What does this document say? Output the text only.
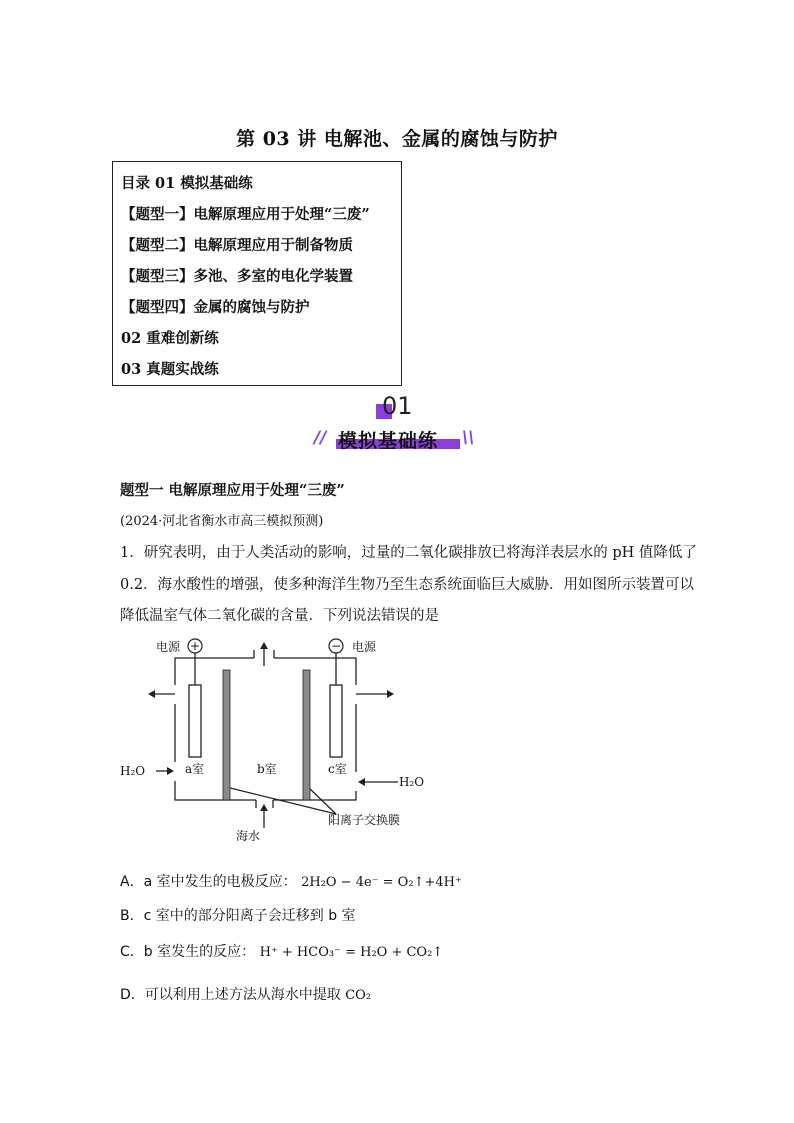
第 03 讲 电解池、金属的腐蚀与防护
目录 01 模拟基础练
【题型一】电解原理应用于处理“三废”
【题型二】电解原理应用于制备物质
【题型三】多池、多室的电化学装置
【题型四】金属的腐蚀与防护
02 重难创新练
03 真题实战练
01
// 模拟基础练 \\
题型一 电解原理应用于处理“三废”
(2024·河北省衡水市高三模拟预测)
1．研究表明，由于人类活动的影响，过量的二氧化碳排放已将海洋表层水的 pH 值降低了
0.2．海水酸性的增强，使多种海洋生物乃至生态系统面临巨大威胁．用如图所示装置可以
降低温室气体二氧化碳的含量．下列说法错误的是
+	−
电源	电源
a室	b室	c室
H₂O
H₂O
海水
阳离子交换膜
A．a 室中发生的电极反应： 2H₂O − 4e⁻ = O₂↑+4H⁺
B．c 室中的部分阳离子会迁移到 b 室
C．b 室发生的反应： H⁺ + HCO₃⁻ = H₂O + CO₂↑
D．可以利用上述方法从海水中提取 CO₂
